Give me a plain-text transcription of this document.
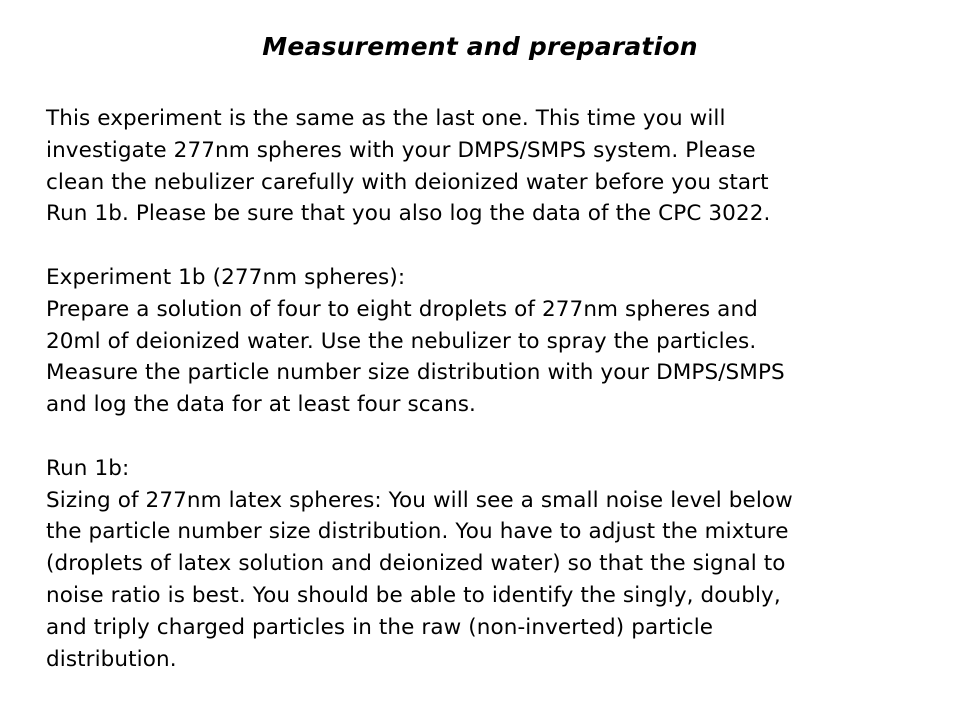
Measurement and preparation

This experiment is the same as the last one. This time you will
investigate 277nm spheres with your DMPS/SMPS system. Please
clean the nebulizer carefully with deionized water before you start
Run 1b. Please be sure that you also log the data of the CPC 3022.

Experiment 1b (277nm spheres):
Prepare a solution of four to eight droplets of 277nm spheres and
20ml of deionized water. Use the nebulizer to spray the particles.
Measure the particle number size distribution with your DMPS/SMPS
and log the data for at least four scans.

Run 1b:
Sizing of 277nm latex spheres: You will see a small noise level below
the particle number size distribution. You have to adjust the mixture
(droplets of latex solution and deionized water) so that the signal to
noise ratio is best. You should be able to identify the singly, doubly,
and triply charged particles in the raw (non-inverted) particle
distribution.
